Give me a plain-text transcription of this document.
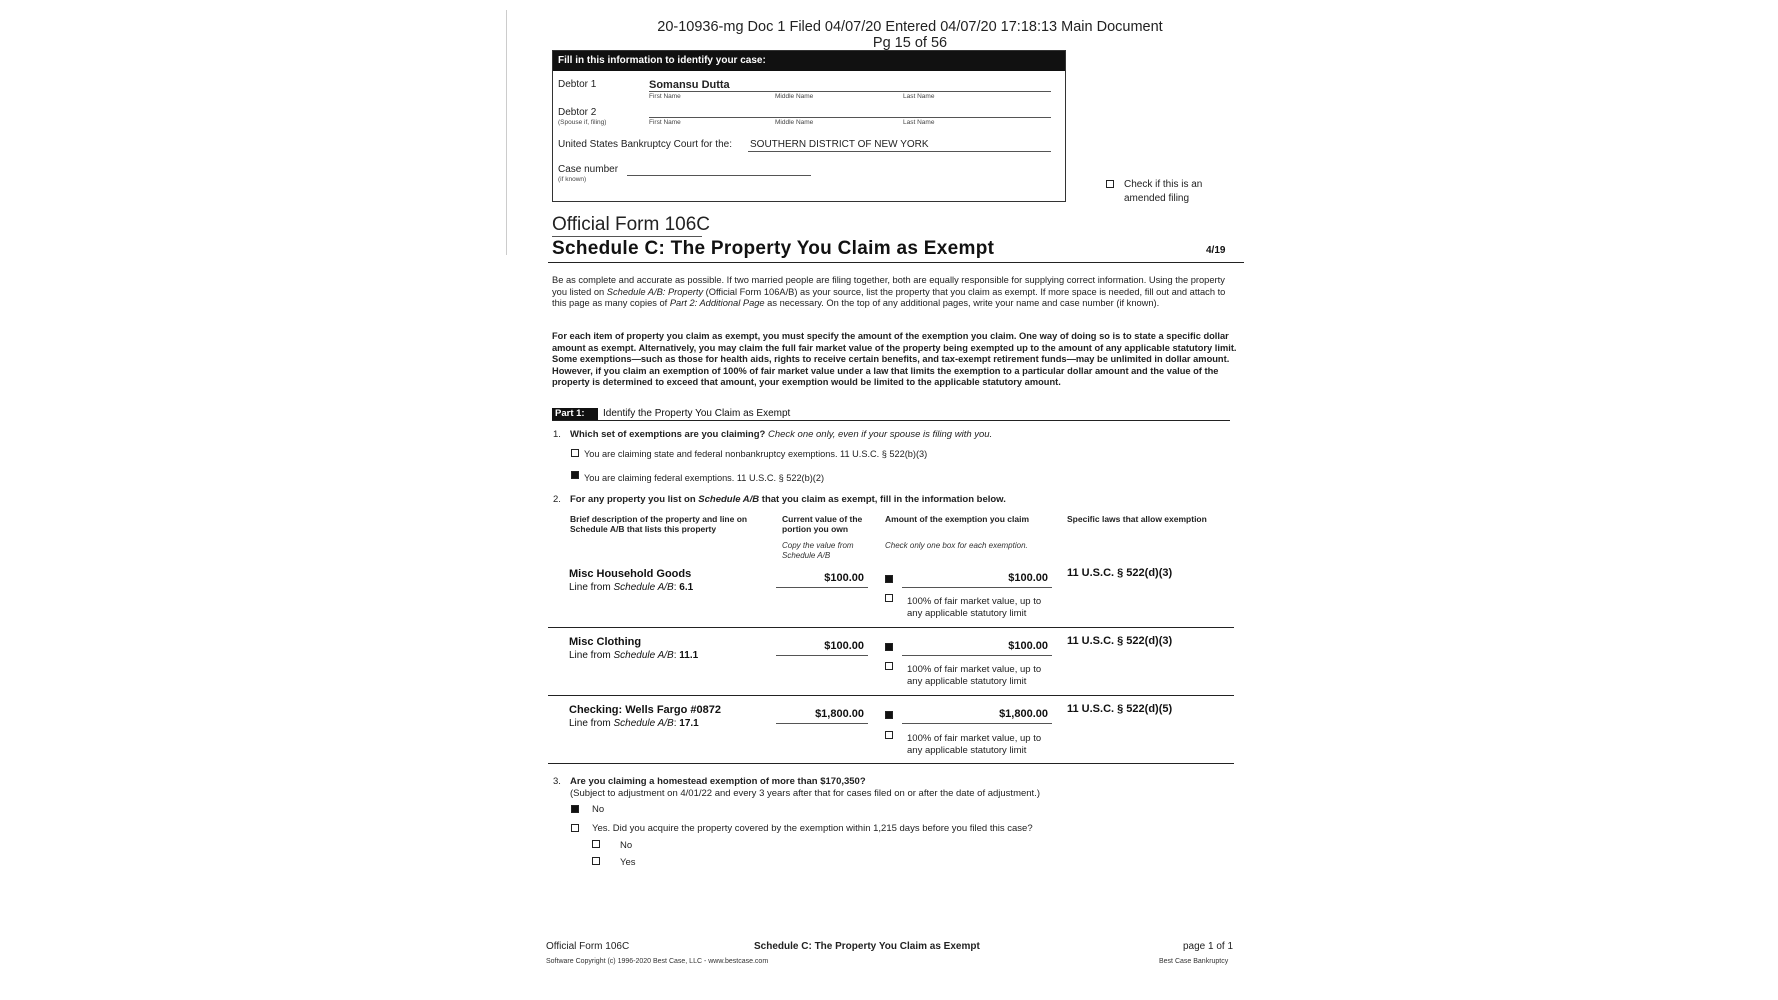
20-10936-mg Doc 1 Filed 04/07/20 Entered 04/07/20 17:18:13 Main Document
Pg 15 of 56
Fill in this information to identify your case:
Debtor 1	Somansu Dutta
First Name	Middle Name	Last Name
Debtor 2
(Spouse if, filing)	First Name	Middle Name	Last Name
United States Bankruptcy Court for the: SOUTHERN DISTRICT OF NEW YORK
Case number
(if known)	Check if this is an
amended filing
Official Form 106C
Schedule C: The Property You Claim as Exempt	4/19
Be as complete and accurate as possible. If two married people are filing together, both are equally responsible for supplying correct information. Using the property you listed on Schedule A/B: Property (Official Form 106A/B) as your source, list the property that you claim as exempt. If more space is needed, fill out and attach to this page as many copies of Part 2: Additional Page as necessary. On the top of any additional pages, write your name and case number (if known).
For each item of property you claim as exempt, you must specify the amount of the exemption you claim. One way of doing so is to state a specific dollar amount as exempt. Alternatively, you may claim the full fair market value of the property being exempted up to the amount of any applicable statutory limit. Some exemptions—such as those for health aids, rights to receive certain benefits, and tax-exempt retirement funds—may be unlimited in dollar amount. However, if you claim an exemption of 100% of fair market value under a law that limits the exemption to a particular dollar amount and the value of the property is determined to exceed that amount, your exemption would be limited to the applicable statutory amount.
Part 1:	Identify the Property You Claim as Exempt
1. Which set of exemptions are you claiming? Check one only, even if your spouse is filing with you.
You are claiming state and federal nonbankruptcy exemptions. 11 U.S.C. § 522(b)(3)
You are claiming federal exemptions. 11 U.S.C. § 522(b)(2)
2. For any property you list on Schedule A/B that you claim as exempt, fill in the information below.
Brief description of the property and line on Schedule A/B that lists this property
Current value of the portion you own
Copy the value from Schedule A/B
Amount of the exemption you claim
Check only one box for each exemption.
Specific laws that allow exemption
Misc Household Goods
Line from Schedule A/B: 6.1
$100.00	$100.00
100% of fair market value, up to
any applicable statutory limit
11 U.S.C. § 522(d)(3)
Misc Clothing
Line from Schedule A/B: 11.1
$100.00	$100.00
100% of fair market value, up to
any applicable statutory limit
11 U.S.C. § 522(d)(3)
Checking: Wells Fargo #0872
Line from Schedule A/B: 17.1
$1,800.00	$1,800.00
100% of fair market value, up to
any applicable statutory limit
11 U.S.C. § 522(d)(5)
3. Are you claiming a homestead exemption of more than $170,350?
(Subject to adjustment on 4/01/22 and every 3 years after that for cases filed on or after the date of adjustment.)
No
Yes. Did you acquire the property covered by the exemption within 1,215 days before you filed this case?
No
Yes
Official Form 106C	Schedule C: The Property You Claim as Exempt	page 1 of 1
Software Copyright (c) 1996-2020 Best Case, LLC - www.bestcase.com	Best Case Bankruptcy
